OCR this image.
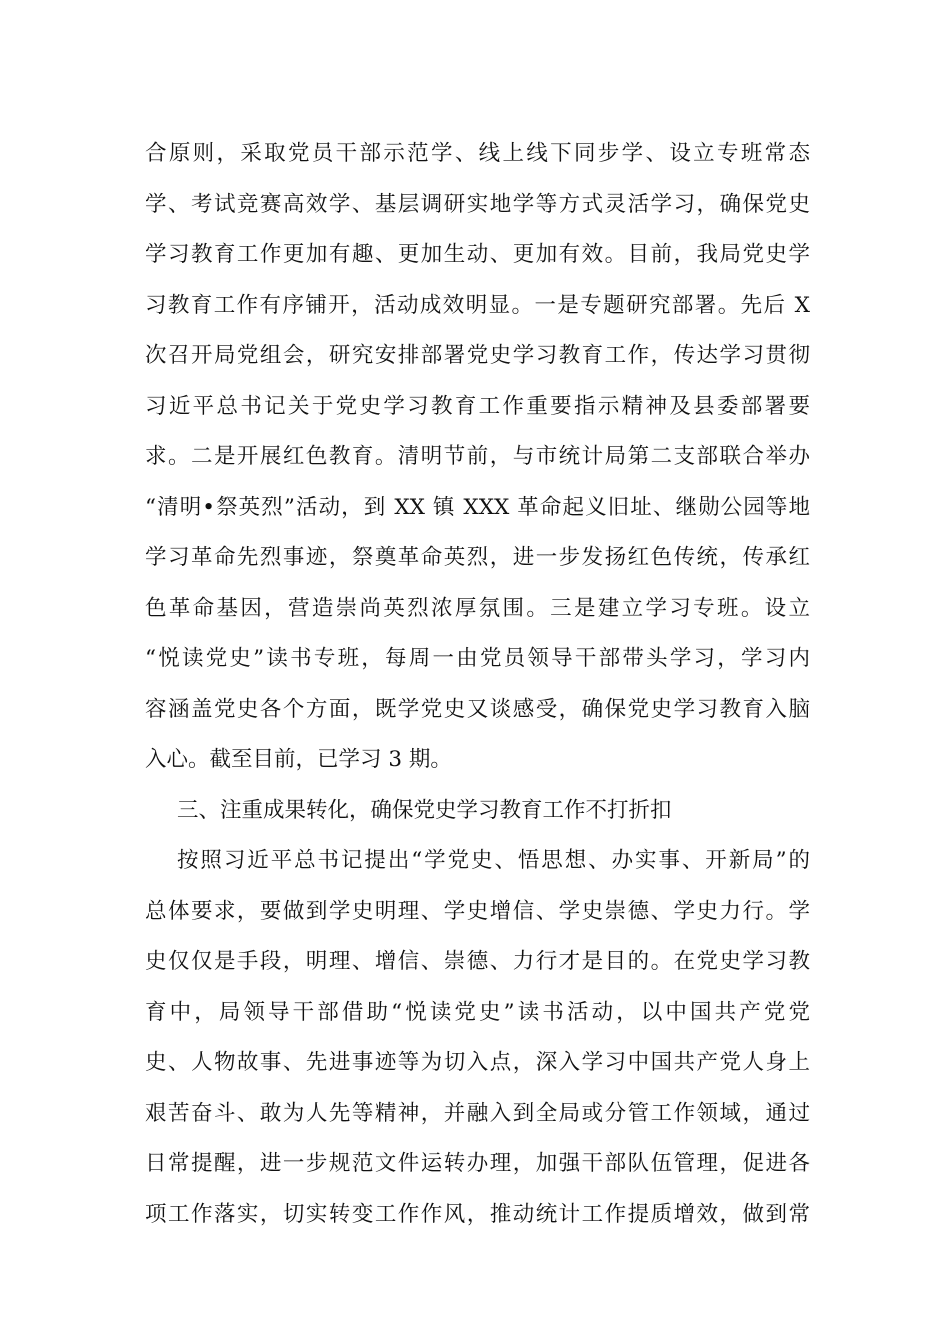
合原则，采取党员干部示范学、线上线下同步学、设立专班常态
学、考试竞赛高效学、基层调研实地学等方式灵活学习，确保党史
学习教育工作更加有趣、更加生动、更加有效。目前，我局党史学
习教育工作有序铺开，活动成效明显。一是专题研究部署。先后 X
次召开局党组会，研究安排部署党史学习教育工作，传达学习贯彻
习近平总书记关于党史学习教育工作重要指示精神及县委部署要
求。二是开展红色教育。清明节前，与市统计局第二支部联合举办
“清明•祭英烈”活动，到 XX 镇 XXX 革命起义旧址、继勋公园等地
学习革命先烈事迹，祭奠革命英烈，进一步发扬红色传统，传承红
色革命基因，营造崇尚英烈浓厚氛围。三是建立学习专班。设立
“悦读党史”读书专班，每周一由党员领导干部带头学习，学习内
容涵盖党史各个方面，既学党史又谈感受，确保党史学习教育入脑
入心。截至目前，已学习 3 期。
三、注重成果转化，确保党史学习教育工作不打折扣
按照习近平总书记提出“学党史、悟思想、办实事、开新局”的
总体要求，要做到学史明理、学史增信、学史崇德、学史力行。学
史仅仅是手段，明理、增信、崇德、力行才是目的。在党史学习教
育中，局领导干部借助“悦读党史”读书活动，以中国共产党党
史、人物故事、先进事迹等为切入点，深入学习中国共产党人身上
艰苦奋斗、敢为人先等精神，并融入到全局或分管工作领域，通过
日常提醒，进一步规范文件运转办理，加强干部队伍管理，促进各
项工作落实，切实转变工作作风，推动统计工作提质增效，做到常
